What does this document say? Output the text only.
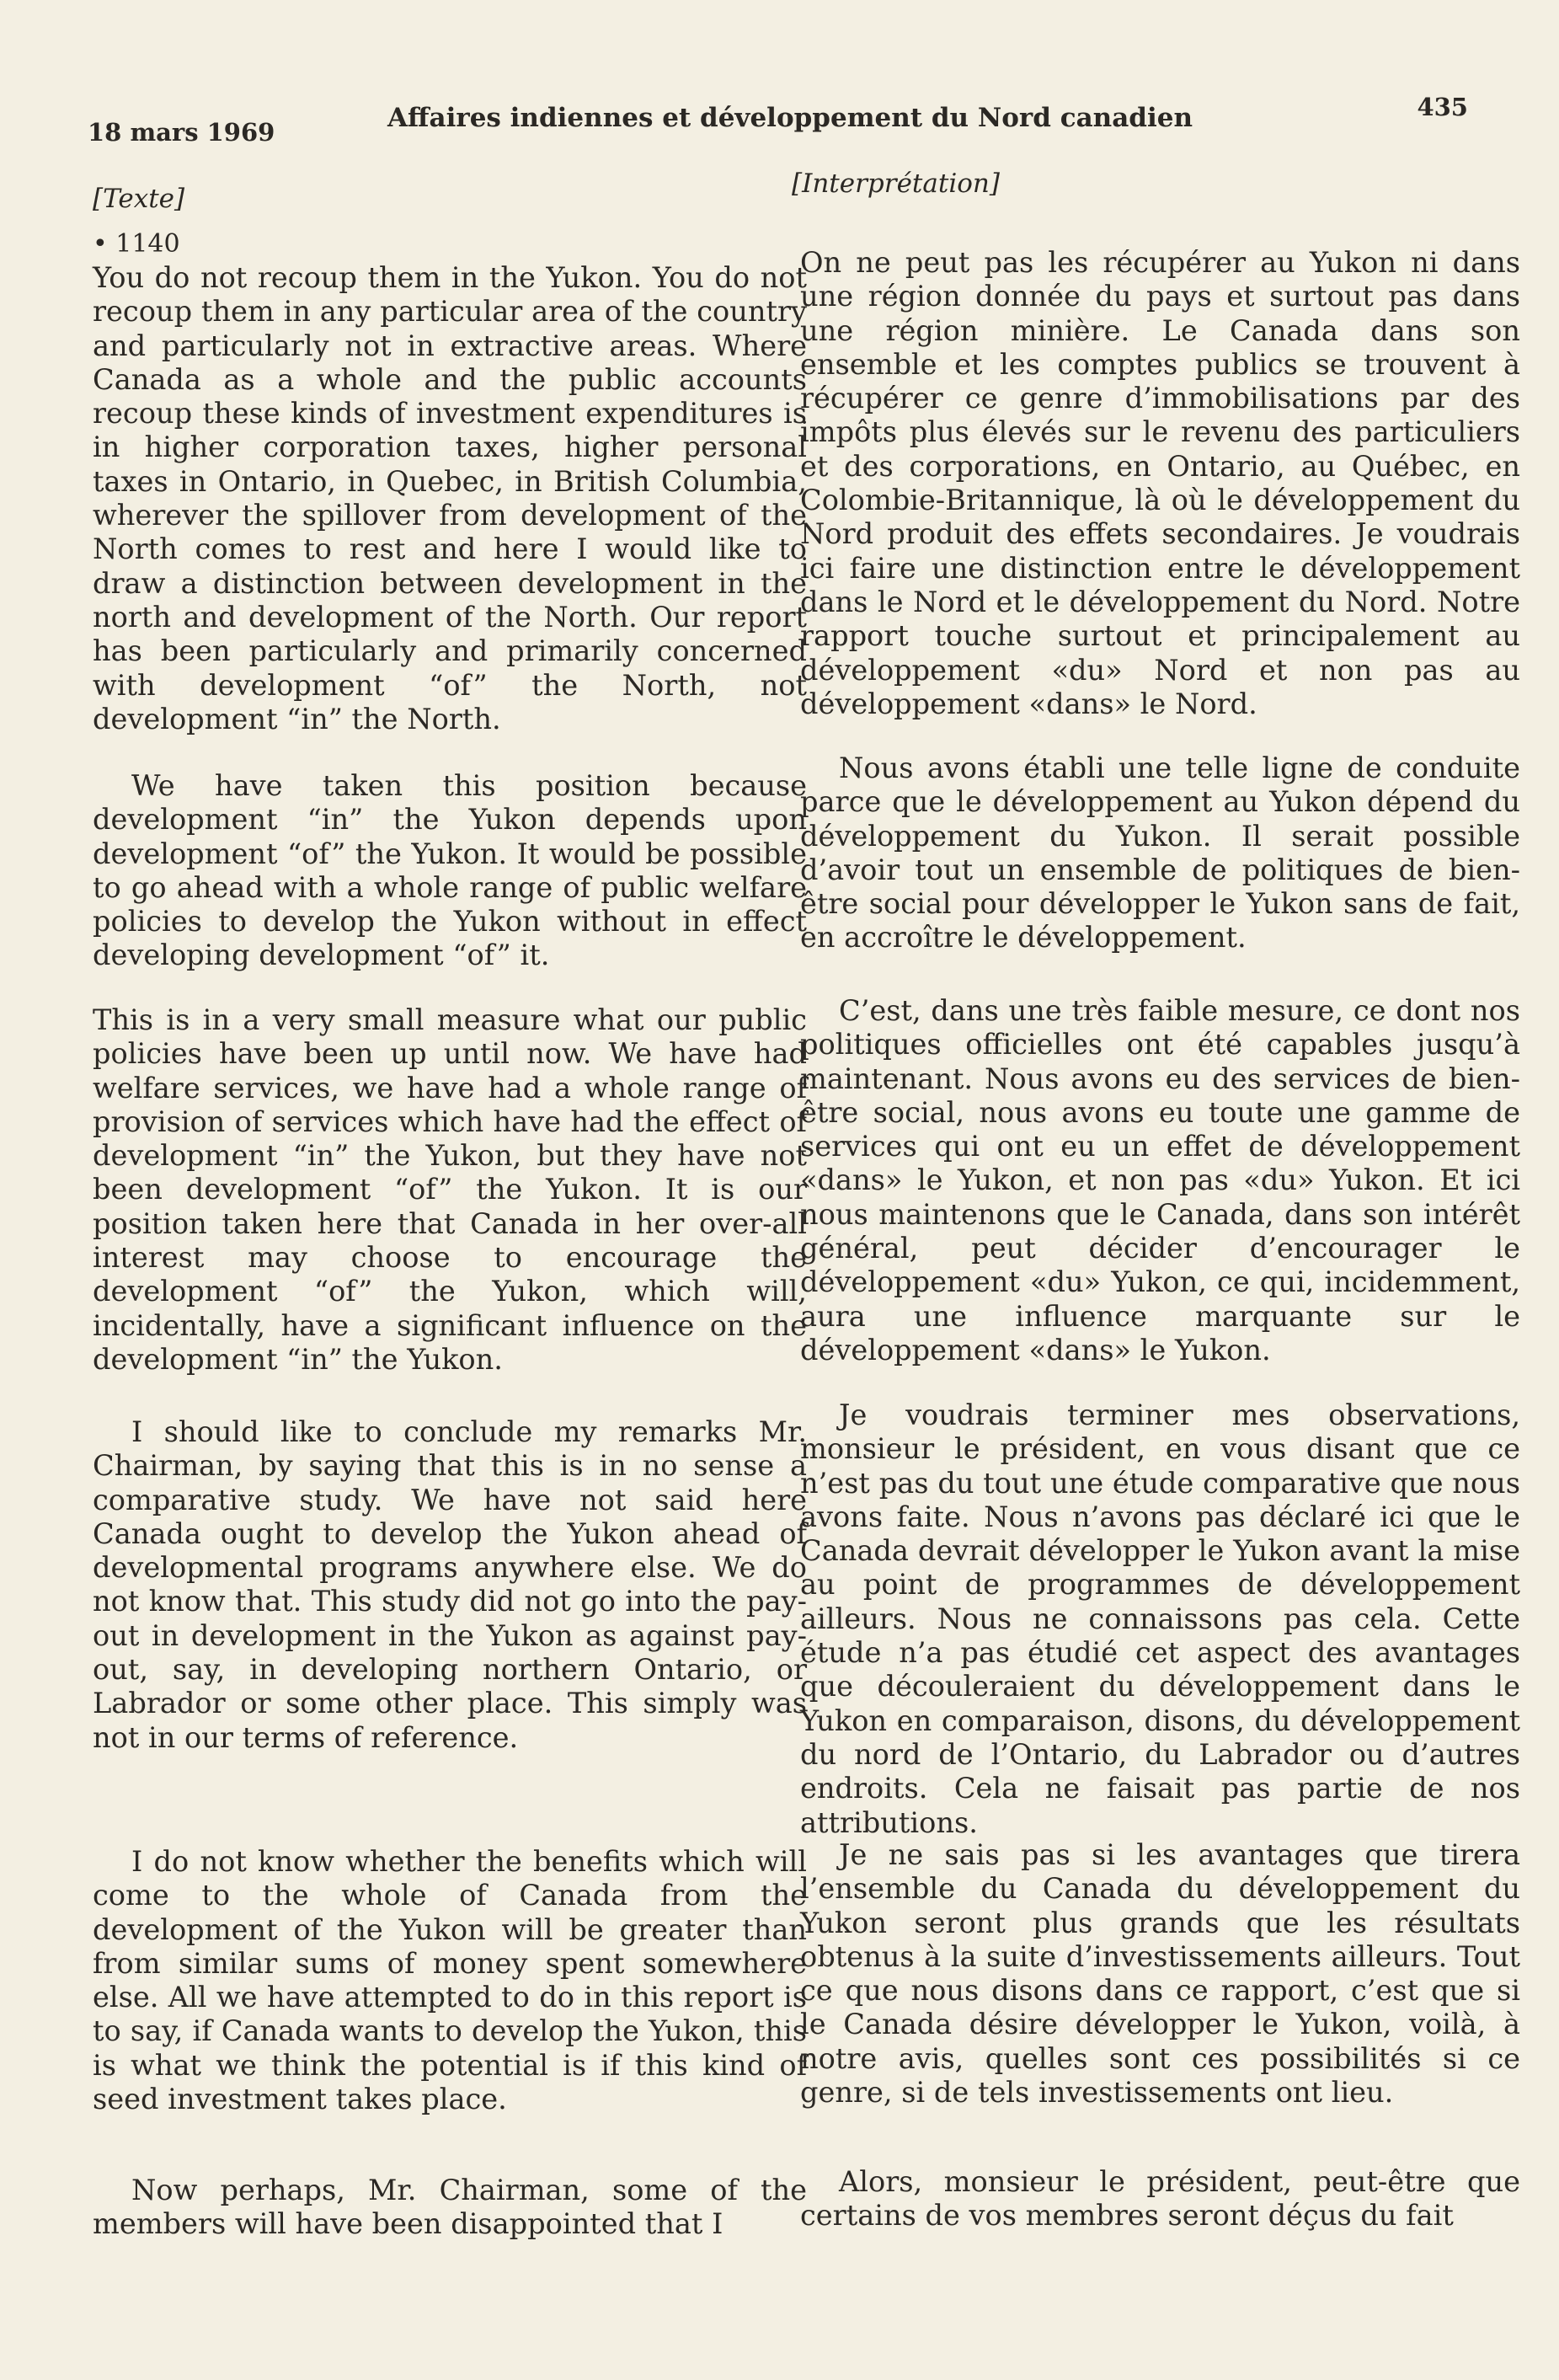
18 mars 1969	Affaires indiennes et développement du Nord canadien	435

[Texte]

• 1140

You do not recoup them in the Yukon. You do not recoup them in any particular area of the country and particularly not in extractive areas. Where Canada as a whole and the public accounts recoup these kinds of investment expenditures is in higher corporation taxes, higher personal taxes in Ontario, in Quebec, in British Columbia, wherever the spillover from development of the North comes to rest and here I would like to draw a distinction between development in the north and development of the North. Our report has been particularly and primarily concerned with development “of” the North, not development “in” the North.

We have taken this position because development “in” the Yukon depends upon development “of” the Yukon. It would be possible to go ahead with a whole range of public welfare policies to develop the Yukon without in effect developing development “of” it.

This is in a very small measure what our public policies have been up until now. We have had welfare services, we have had a whole range of provision of services which have had the effect of development “in” the Yukon, but they have not been development “of” the Yukon. It is our position taken here that Canada in her over-all interest may choose to encourage the development “of” the Yukon, which will, incidentally, have a significant influence on the development “in” the Yukon.

I should like to conclude my remarks Mr. Chairman, by saying that this is in no sense a comparative study. We have not said here Canada ought to develop the Yukon ahead of developmental programs anywhere else. We do not know that. This study did not go into the pay-out in development in the Yukon as against pay-out, say, in developing northern Ontario, or Labrador or some other place. This simply was not in our terms of reference.

I do not know whether the benefits which will come to the whole of Canada from the development of the Yukon will be greater than from similar sums of money spent somewhere else. All we have attempted to do in this report is to say, if Canada wants to develop the Yukon, this is what we think the potential is if this kind of seed investment takes place.

Now perhaps, Mr. Chairman, some of the members will have been disappointed that I

[Interprétation]

On ne peut pas les récupérer au Yukon ni dans une région donnée du pays et surtout pas dans une région minière. Le Canada dans son ensemble et les comptes publics se trouvent à récupérer ce genre d’immobilisations par des impôts plus élevés sur le revenu des particuliers et des corporations, en Ontario, au Québec, en Colombie-Britannique, là où le développement du Nord produit des effets secondaires. Je voudrais ici faire une distinction entre le développement dans le Nord et le développement du Nord. Notre rapport touche surtout et principalement au développement «du» Nord et non pas au développement «dans» le Nord.

Nous avons établi une telle ligne de conduite parce que le développement au Yukon dépend du développement du Yukon. Il serait possible d’avoir tout un ensemble de politiques de bien-être social pour développer le Yukon sans de fait, en accroître le développement.

C’est, dans une très faible mesure, ce dont nos politiques officielles ont été capables jusqu’à maintenant. Nous avons eu des services de bien-être social, nous avons eu toute une gamme de services qui ont eu un effet de développement «dans» le Yukon, et non pas «du» Yukon. Et ici nous maintenons que le Canada, dans son intérêt général, peut décider d’encourager le développement «du» Yukon, ce qui, incidemment, aura une influence marquante sur le développement «dans» le Yukon.

Je voudrais terminer mes observations, monsieur le président, en vous disant que ce n’est pas du tout une étude comparative que nous avons faite. Nous n’avons pas déclaré ici que le Canada devrait développer le Yukon avant la mise au point de programmes de développement ailleurs. Nous ne connaissons pas cela. Cette étude n’a pas étudié cet aspect des avantages que découleraient du développement dans le Yukon en comparaison, disons, du développement du nord de l’Ontario, du Labrador ou d’autres endroits. Cela ne faisait pas partie de nos attributions.

Je ne sais pas si les avantages que tirera l’ensemble du Canada du développement du Yukon seront plus grands que les résultats obtenus à la suite d’investissements ailleurs. Tout ce que nous disons dans ce rapport, c’est que si le Canada désire développer le Yukon, voilà, à notre avis, quelles sont ces possibilités si ce genre, si de tels investissements ont lieu.

Alors, monsieur le président, peut-être que certains de vos membres seront déçus du fait
